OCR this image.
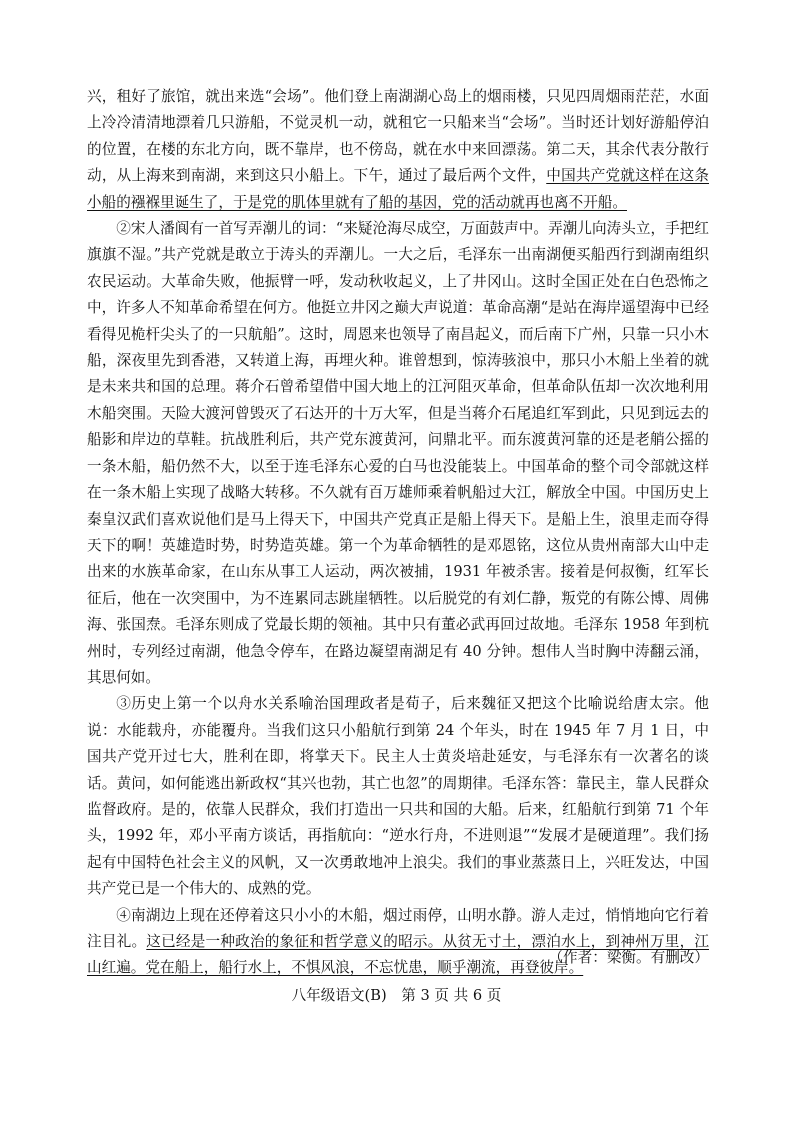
兴，租好了旅馆，就出来选“会场”。他们登上南湖湖心岛上的烟雨楼，只见四周烟雨茫茫，水面上冷冷清清地漂着几只游船，不觉灵机一动，就租它一只船来当“会场”。当时还计划好游船停泊的位置，在楼的东北方向，既不靠岸，也不傍岛，就在水中来回漂荡。第二天，其余代表分散行动，从上海来到南湖，来到这只小船上。下午，通过了最后两个文件，中国共产党就这样在这条小船的襁褓里诞生了，于是党的肌体里就有了船的基因，党的活动就再也离不开船。

②宋人潘阆有一首写弄潮儿的词：“来疑沧海尽成空，万面鼓声中。弄潮儿向涛头立，手把红旗旗不湿。”共产党就是敢立于涛头的弄潮儿。一大之后，毛泽东一出南湖便买船西行到湖南组织农民运动。大革命失败，他振臂一呼，发动秋收起义，上了井冈山。这时全国正处在白色恐怖之中，许多人不知革命希望在何方。他挺立井冈之巅大声说道：革命高潮“是站在海岸遥望海中已经看得见桅杆尖头了的一只航船”。这时，周恩来也领导了南昌起义，而后南下广州，只靠一只小木船，深夜里先到香港，又转道上海，再埋火种。谁曾想到，惊涛骇浪中，那只小木船上坐着的就是未来共和国的总理。蒋介石曾希望借中国大地上的江河阻灭革命，但革命队伍却一次次地利用木船突围。天险大渡河曾毁灭了石达开的十万大军，但是当蒋介石尾追红军到此，只见到远去的船影和岸边的草鞋。抗战胜利后，共产党东渡黄河，问鼎北平。而东渡黄河靠的还是老艄公摇的一条木船，船仍然不大，以至于连毛泽东心爱的白马也没能装上。中国革命的整个司令部就这样在一条木船上实现了战略大转移。不久就有百万雄师乘着帆船过大江，解放全中国。中国历史上秦皇汉武们喜欢说他们是马上得天下，中国共产党真正是船上得天下。是船上生，浪里走而夺得天下的啊！英雄造时势，时势造英雄。第一个为革命牺牲的是邓恩铭，这位从贵州南部大山中走出来的水族革命家，在山东从事工人运动，两次被捕，1931 年被杀害。接着是何叔衡，红军长征后，他在一次突围中，为不连累同志跳崖牺牲。以后脱党的有刘仁静，叛党的有陈公博、周佛海、张国焘。毛泽东则成了党最长期的领袖。其中只有董必武再回过故地。毛泽东 1958 年到杭州时，专列经过南湖，他急令停车，在路边凝望南湖足有 40 分钟。想伟人当时胸中涛翻云涌，其思何如。

③历史上第一个以舟水关系喻治国理政者是荀子，后来魏征又把这个比喻说给唐太宗。他说：水能载舟，亦能覆舟。当我们这只小船航行到第 24 个年头，时在 1945 年 7 月 1 日，中国共产党开过七大，胜利在即，将掌天下。民主人士黄炎培赴延安，与毛泽东有一次著名的谈话。黄问，如何能逃出新政权“其兴也勃，其亡也忽”的周期律。毛泽东答：靠民主，靠人民群众监督政府。是的，依靠人民群众，我们打造出一只共和国的大船。后来，红船航行到第 71 个年头，1992 年，邓小平南方谈话，再指航向：“逆水行舟，不进则退”“发展才是硬道理”。我们扬起有中国特色社会主义的风帆，又一次勇敢地冲上浪尖。我们的事业蒸蒸日上，兴旺发达，中国共产党已是一个伟大的、成熟的党。

④南湖边上现在还停着这只小小的木船，烟过雨停，山明水静。游人走过，悄悄地向它行着注目礼。这已经是一种政治的象征和哲学意义的昭示。从贫无寸土，漂泊水上，到神州万里，江山红遍。党在船上，船行水上，不惧风浪，不忘忧患，顺乎潮流，再登彼岸。

（作者：梁衡。有删改）
八年级语文(B)　第 3 页 共 6 页
